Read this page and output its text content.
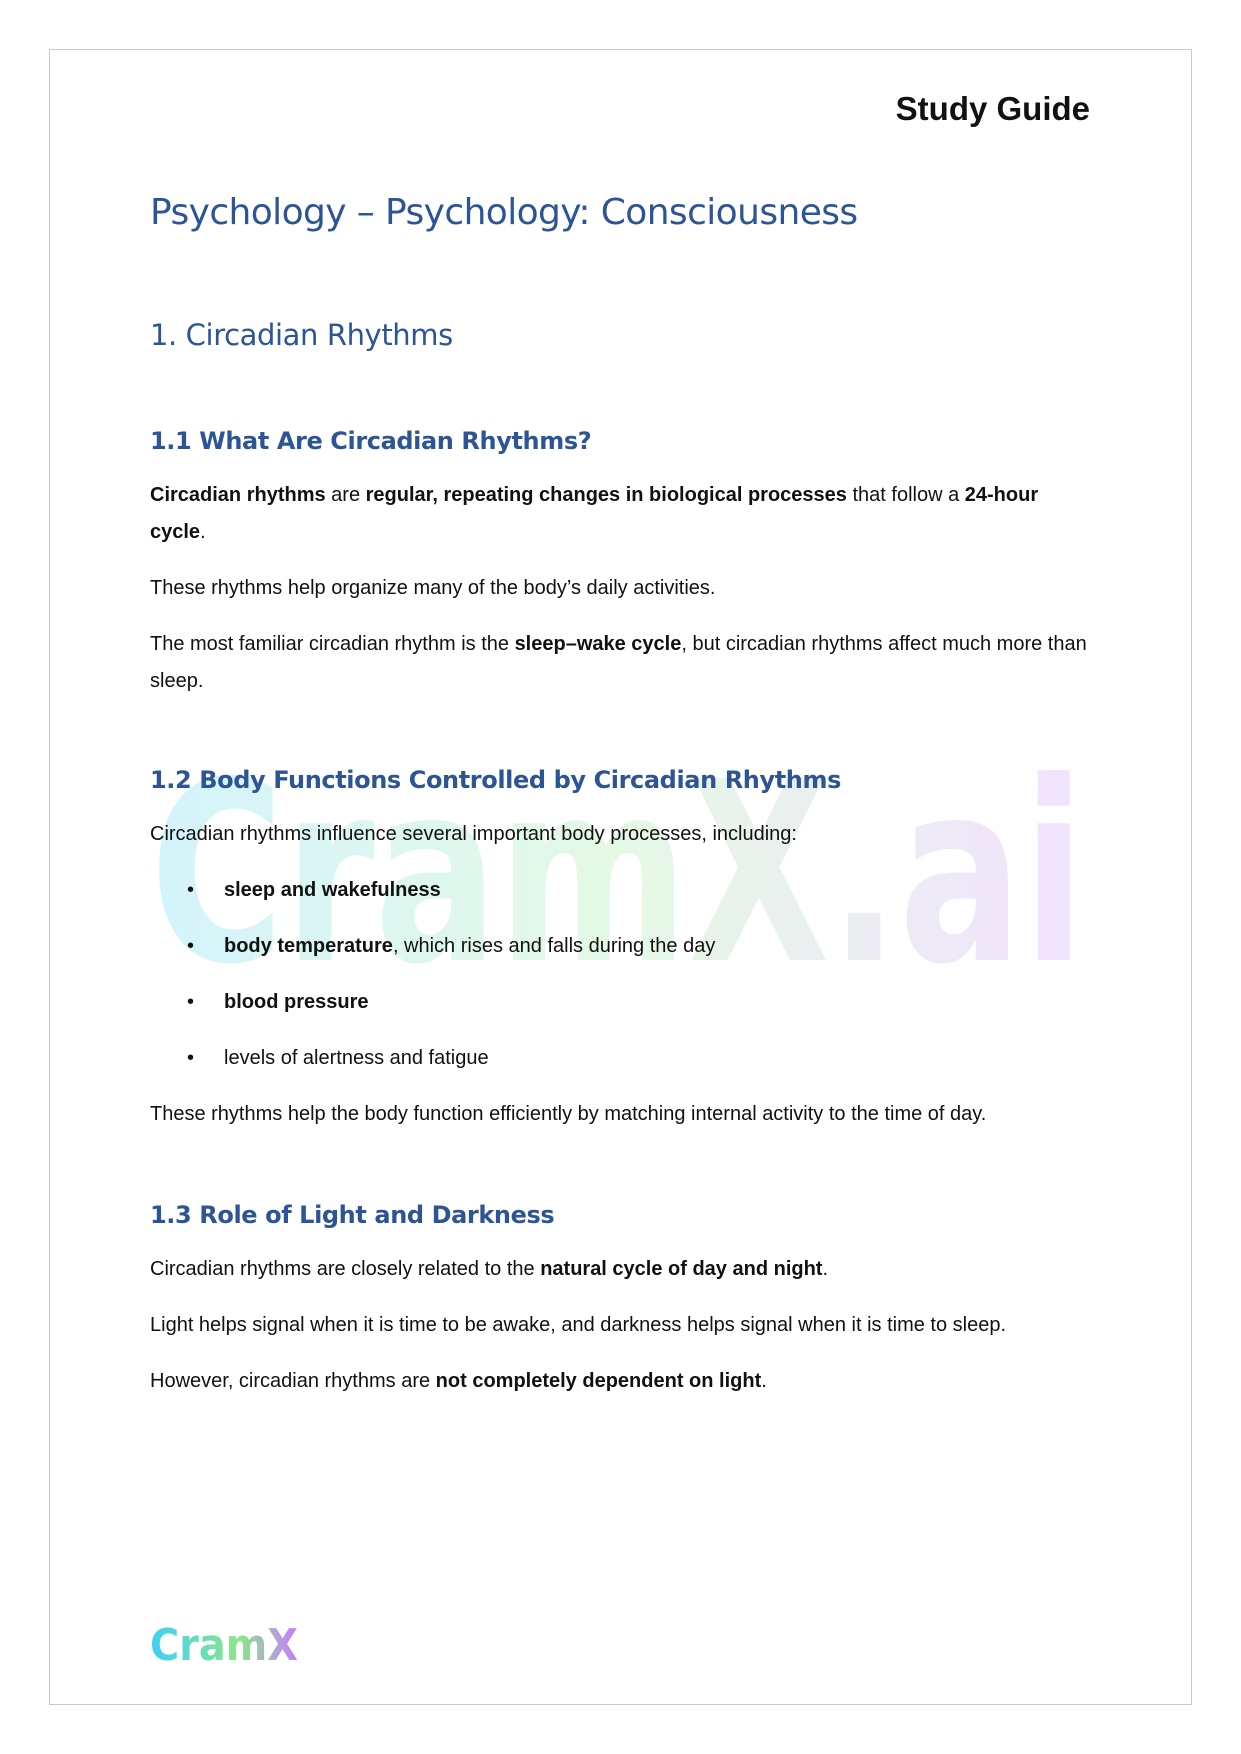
Study Guide
CramX.ai
Psychology – Psychology: Consciousness
1. Circadian Rhythms
1.1 What Are Circadian Rhythms?

Circadian rhythms are regular, repeating changes in biological processes that follow a 24-hour cycle.

These rhythms help organize many of the body’s daily activities.

The most familiar circadian rhythm is the sleep–wake cycle, but circadian rhythms affect much more than sleep.

1.2 Body Functions Controlled by Circadian Rhythms

Circadian rhythms influence several important body processes, including:

• sleep and wakefulness
• body temperature, which rises and falls during the day
• blood pressure
• levels of alertness and fatigue

These rhythms help the body function efficiently by matching internal activity to the time of day.

1.3 Role of Light and Darkness

Circadian rhythms are closely related to the natural cycle of day and night.

Light helps signal when it is time to be awake, and darkness helps signal when it is time to sleep.

However, circadian rhythms are not completely dependent on light.

CramX
